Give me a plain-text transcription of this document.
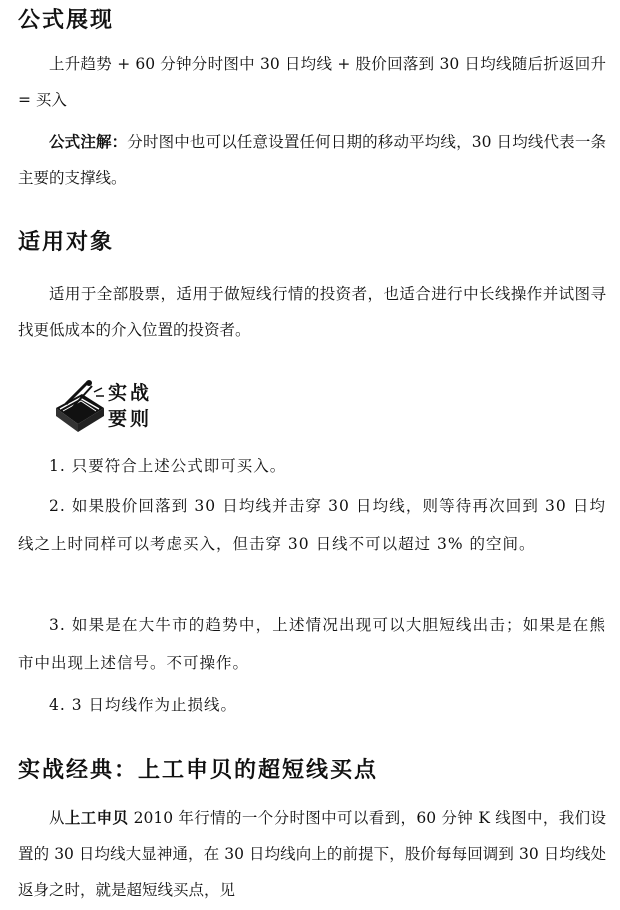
公式展现

上升趋势 + 60 分钟分时图中 30 日均线 + 股价回落到 30 日均线随后折返回升 = 买入

公式注解：分时图中也可以任意设置任何日期的移动平均线，30 日均线代表一条主要的支撑线。

适用对象

适用于全部股票，适用于做短线行情的投资者，也适合进行中长线操作并试图寻找更低成本的介入位置的投资者。

实战
要则

1. 只要符合上述公式即可买入。

2. 如果股价回落到 30 日均线并击穿 30 日均线，则等待再次回到 30 日均线之上时同样可以考虑买入，但击穿 30 日线不可以超过 3% 的空间。

3. 如果是在大牛市的趋势中，上述情况出现可以大胆短线出击；如果是在熊市中出现上述信号。不可操作。

4. 3 日均线作为止损线。

实战经典：上工申贝的超短线买点

从上工申贝 2010 年行情的一个分时图中可以看到，60 分钟 K 线图中，我们设置的 30 日均线大显神通，在 30 日均线向上的前提下，股价每每回调到 30 日均线处返身之时，就是超短线买点，见
